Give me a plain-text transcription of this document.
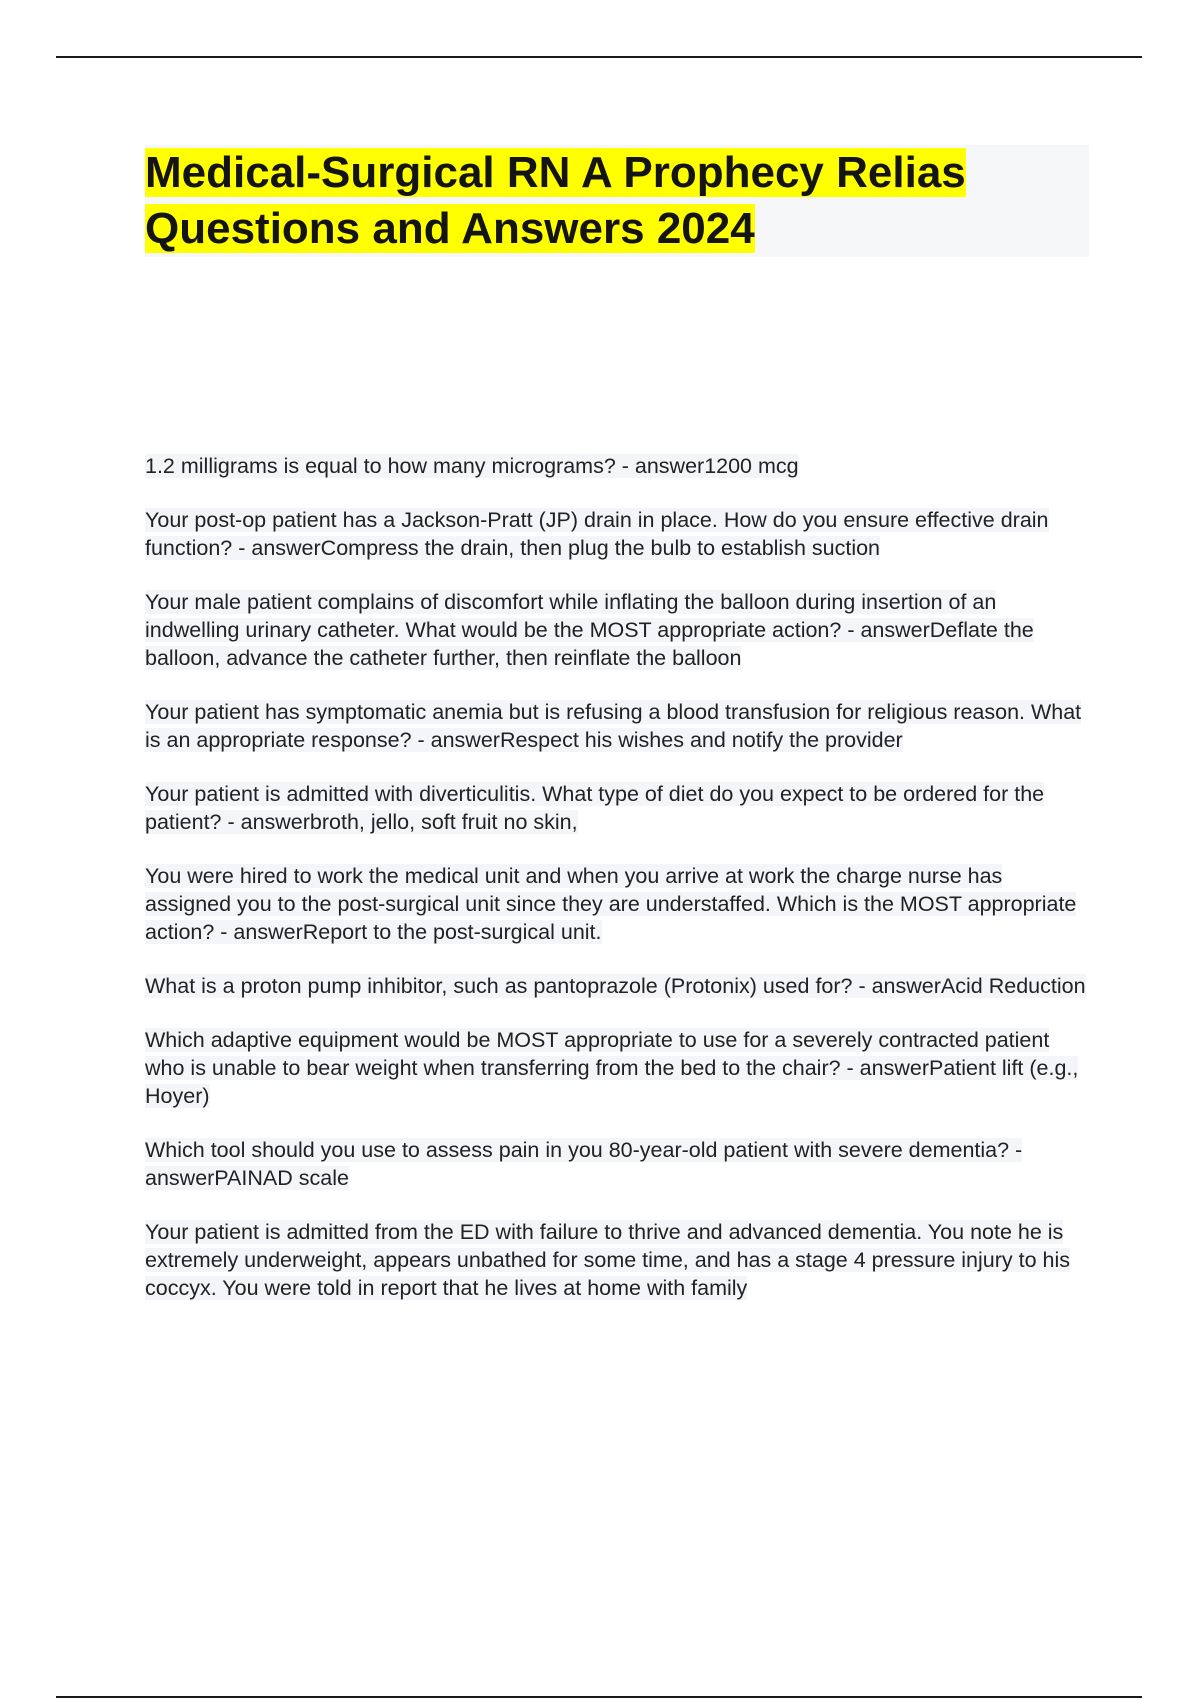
Medical-Surgical RN A Prophecy Relias Questions and Answers 2024

1.2 milligrams is equal to how many micrograms? - answer1200 mcg

Your post-op patient has a Jackson-Pratt (JP) drain in place. How do you ensure effective drain function? - answerCompress the drain, then plug the bulb to establish suction

Your male patient complains of discomfort while inflating the balloon during insertion of an indwelling urinary catheter. What would be the MOST appropriate action? - answerDeflate the balloon, advance the catheter further, then reinflate the balloon

Your patient has symptomatic anemia but is refusing a blood transfusion for religious reason. What is an appropriate response? - answerRespect his wishes and notify the provider

Your patient is admitted with diverticulitis. What type of diet do you expect to be ordered for the patient? - answerbroth, jello, soft fruit no skin,

You were hired to work the medical unit and when you arrive at work the charge nurse has assigned you to the post-surgical unit since they are understaffed. Which is the MOST appropriate action? - answerReport to the post-surgical unit.

What is a proton pump inhibitor, such as pantoprazole (Protonix) used for? - answerAcid Reduction

Which adaptive equipment would be MOST appropriate to use for a severely contracted patient who is unable to bear weight when transferring from the bed to the chair? - answerPatient lift (e.g., Hoyer)

Which tool should you use to assess pain in you 80-year-old patient with severe dementia? - answerPAINAD scale

Your patient is admitted from the ED with failure to thrive and advanced dementia. You note he is extremely underweight, appears unbathed for some time, and has a stage 4 pressure injury to his coccyx. You were told in report that he lives at home with family
